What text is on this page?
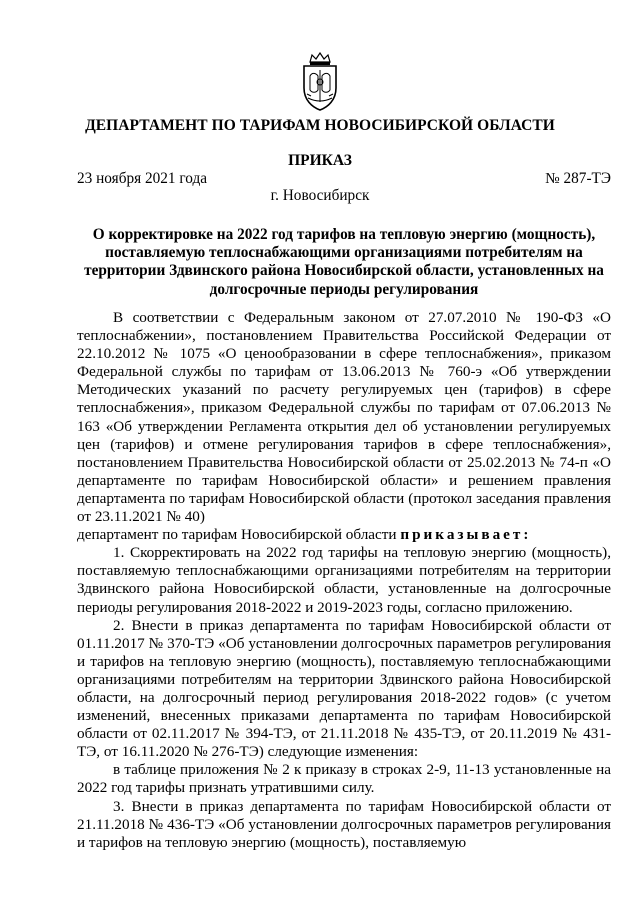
ДЕПАРТАМЕНТ ПО ТАРИФАМ НОВОСИБИРСКОЙ ОБЛАСТИ
ПРИКАЗ
23 ноября 2021 года	№ 287-ТЭ
г. Новосибирск
О корректировке на 2022 год тарифов на тепловую энергию (мощность), поставляемую теплоснабжающими организациями потребителям на территории Здвинского района Новосибирской области, установленных на долгосрочные периоды регулирования

В соответствии с Федеральным законом от 27.07.2010 № 190-ФЗ «О теплоснабжении», постановлением Правительства Российской Федерации от 22.10.2012 № 1075 «О ценообразовании в сфере теплоснабжения», приказом Федеральной службы по тарифам от 13.06.2013 № 760-э «Об утверждении Методических указаний по расчету регулируемых цен (тарифов) в сфере теплоснабжения», приказом Федеральной службы по тарифам от 07.06.2013 № 163 «Об утверждении Регламента открытия дел об установлении регулируемых цен (тарифов) и отмене регулирования тарифов в сфере теплоснабжения», постановлением Правительства Новосибирской области от 25.02.2013 № 74-п «О департаменте по тарифам Новосибирской области» и решением правления департамента по тарифам Новосибирской области (протокол заседания правления от 23.11.2021 № 40)

департамент по тарифам Новосибирской области приказывает:

1. Скорректировать на 2022 год тарифы на тепловую энергию (мощность), поставляемую теплоснабжающими организациями потребителям на территории Здвинского района Новосибирской области, установленные на долгосрочные периоды регулирования 2018-2022 и 2019-2023 годы, согласно приложению.

2. Внести в приказ департамента по тарифам Новосибирской области от 01.11.2017 № 370-ТЭ «Об установлении долгосрочных параметров регулирования и тарифов на тепловую энергию (мощность), поставляемую теплоснабжающими организациями потребителям на территории Здвинского района Новосибирской области, на долгосрочный период регулирования 2018-2022 годов» (с учетом изменений, внесенных приказами департамента по тарифам Новосибирской области от 02.11.2017 № 394-ТЭ, от 21.11.2018 № 435-ТЭ, от 20.11.2019 № 431-ТЭ, от 16.11.2020 № 276-ТЭ) следующие изменения:

в таблице приложения № 2 к приказу в строках 2-9, 11-13 установленные на 2022 год тарифы признать утратившими силу.

3. Внести в приказ департамента по тарифам Новосибирской области от 21.11.2018 № 436-ТЭ «Об установлении долгосрочных параметров регулирования и тарифов на тепловую энергию (мощность), поставляемую
